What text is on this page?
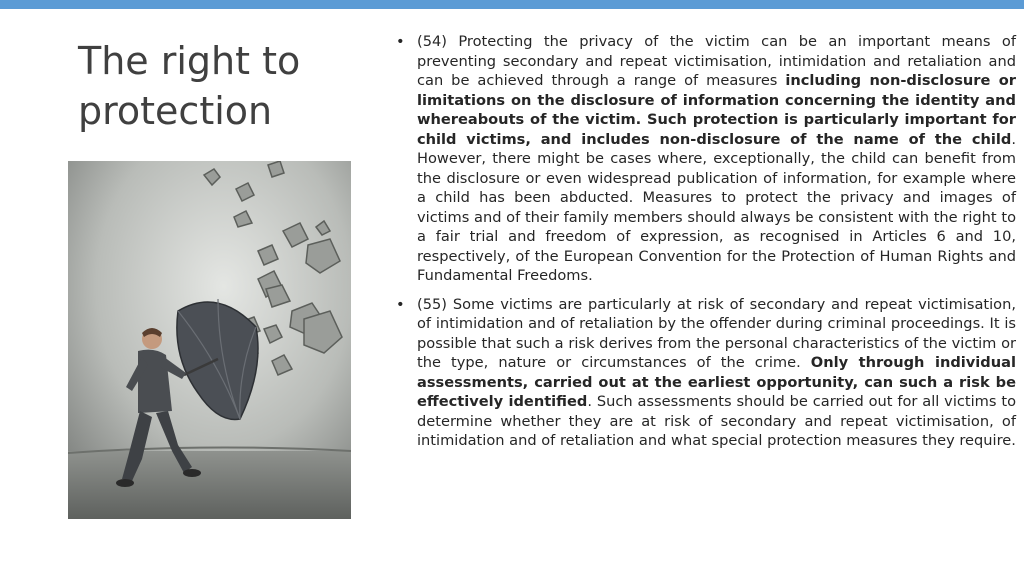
The right to
protection
• (54) Protecting the privacy of the victim can be an important means of preventing secondary and repeat victimisation, intimidation and retaliation and can be achieved through a range of measures including non-disclosure or limitations on the disclosure of information concerning the identity and whereabouts of the victim. Such protection is particularly important for child victims, and includes non-disclosure of the name of the child. However, there might be cases where, exceptionally, the child can benefit from the disclosure or even widespread publication of information, for example where a child has been abducted. Measures to protect the privacy and images of victims and of their family members should always be consistent with the right to a fair trial and freedom of expression, as recognised in Articles 6 and 10, respectively, of the European Convention for the Protection of Human Rights and Fundamental Freedoms.
• (55) Some victims are particularly at risk of secondary and repeat victimisation, of intimidation and of retaliation by the offender during criminal proceedings. It is possible that such a risk derives from the personal characteristics of the victim or the type, nature or circumstances of the crime. Only through individual assessments, carried out at the earliest opportunity, can such a risk be effectively identified. Such assessments should be carried out for all victims to determine whether they are at risk of secondary and repeat victimisation, of intimidation and of retaliation and what special protection measures they require.
